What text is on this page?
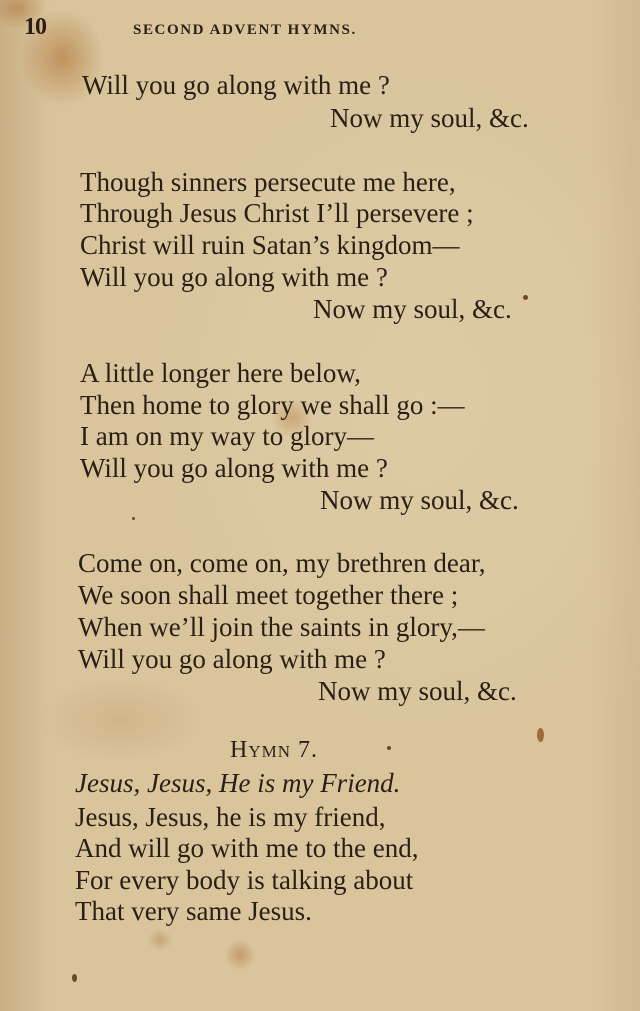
10	SECOND ADVENT HYMNS.
Will you go along with me ?
Now my soul, &c.
Though sinners persecute me here,
Through Jesus Christ I’ll persevere ;
Christ will ruin Satan’s kingdom—
Will you go along with me ?
Now my soul, &c.
A little longer here below,
Then home to glory we shall go :—
I am on my way to glory—
Will you go along with me ?
Now my soul, &c.
Come on, come on, my brethren dear,
We soon shall meet together there ;
When we’ll join the saints in glory,—
Will you go along with me ?
Now my soul, &c.
Hymn 7.
Jesus, Jesus, He is my Friend.
Jesus, Jesus, he is my friend,
And will go with me to the end,
For every body is talking about
That very same Jesus.
